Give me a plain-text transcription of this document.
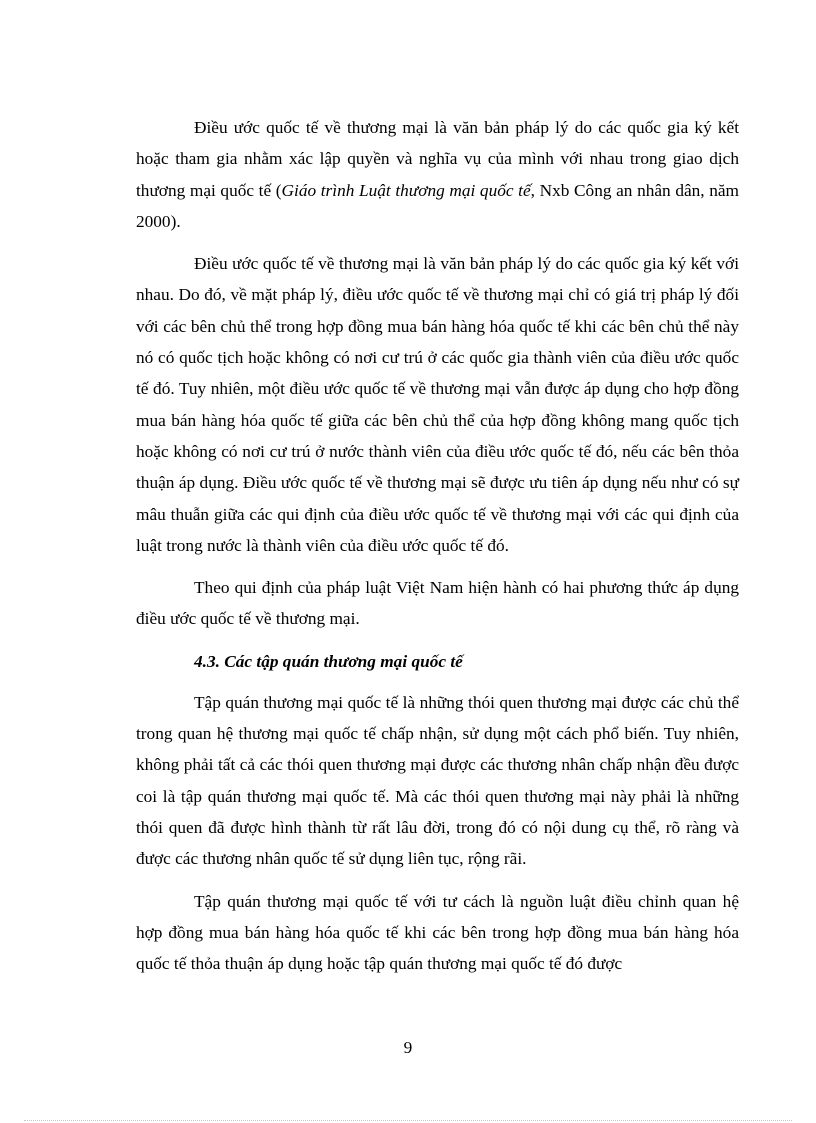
Điều ước quốc tế về thương mại là văn bản pháp lý do các quốc gia ký kết hoặc tham gia nhằm xác lập quyền và nghĩa vụ của mình với nhau trong giao dịch thương mại quốc tế (Giáo trình Luật thương mại quốc tế, Nxb Công an nhân dân, năm 2000).

Điều ước quốc tế về thương mại là văn bản pháp lý do các quốc gia ký kết với nhau. Do đó, về mặt pháp lý, điều ước quốc tế về thương mại chỉ có giá trị pháp lý đối với các bên chủ thể trong hợp đồng mua bán hàng hóa quốc tế khi các bên chủ thể này nó có quốc tịch hoặc không có nơi cư trú ở các quốc gia thành viên của điều ước quốc tế đó. Tuy nhiên, một điều ước quốc tế về thương mại vẫn được áp dụng cho hợp đồng mua bán hàng hóa quốc tế giữa các bên chủ thể của hợp đồng không mang quốc tịch hoặc không có nơi cư trú ở nước thành viên của điều ước quốc tế đó, nếu các bên thỏa thuận áp dụng. Điều ước quốc tế về thương mại sẽ được ưu tiên áp dụng nếu như có sự mâu thuẫn giữa các qui định của điều ước quốc tế về thương mại với các qui định của luật trong nước là thành viên của điều ước quốc tế đó.

Theo qui định của pháp luật Việt Nam hiện hành có hai phương thức áp dụng điều ước quốc tế về thương mại.

4.3. Các tập quán thương mại quốc tế

Tập quán thương mại quốc tế là những thói quen thương mại được các chủ thể trong quan hệ thương mại quốc tế chấp nhận, sử dụng một cách phổ biến. Tuy nhiên, không phải tất cả các thói quen thương mại được các thương nhân chấp nhận đều được coi là tập quán thương mại quốc tế. Mà các thói quen thương mại này phải là những thói quen đã được hình thành từ rất lâu đời, trong đó có nội dung cụ thể, rõ ràng và được các thương nhân quốc tế sử dụng liên tục, rộng rãi.

Tập quán thương mại quốc tế với tư cách là nguồn luật điều chỉnh quan hệ hợp đồng mua bán hàng hóa quốc tế khi các bên trong hợp đồng mua bán hàng hóa quốc tế thỏa thuận áp dụng hoặc tập quán thương mại quốc tế đó được

9
